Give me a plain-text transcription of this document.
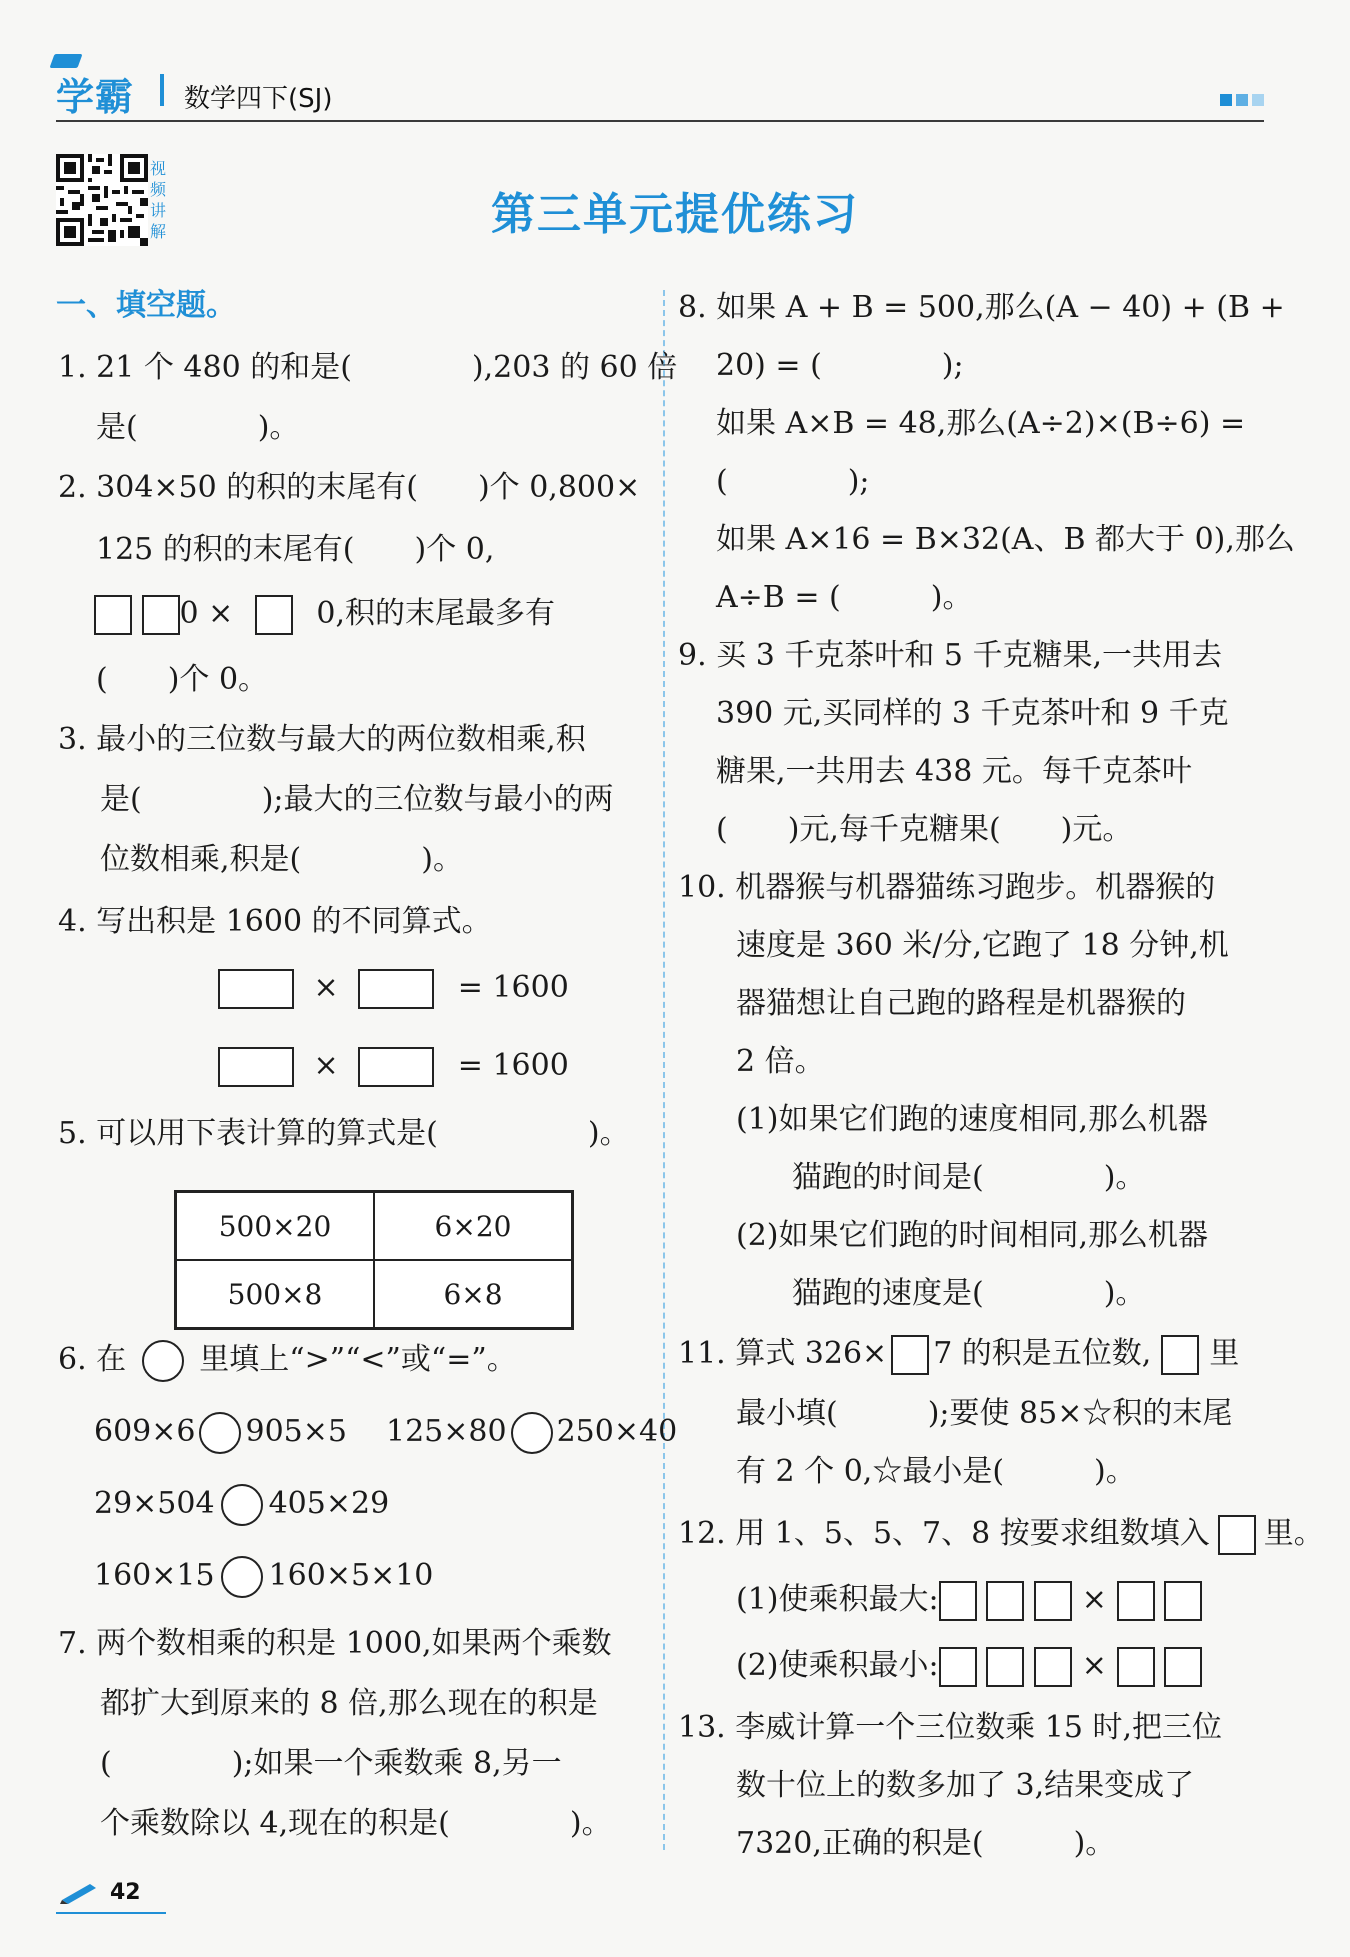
学霸 数学四下(SJ)
视频讲解	第三单元提优练习
一、填空题。
1. 21 个 480 的和是(　　　　),203 的 60 倍
是(　　　　)。
2. 304×50 的积的末尾有(　　)个 0,800×
125 的积的末尾有(　　)个 0,
0 ×	0,积的末尾最多有
(　　)个 0。
3. 最小的三位数与最大的两位数相乘,积
是(　　　　);最大的三位数与最小的两
位数相乘,积是(　　　　)。
4. 写出积是 1600 的不同算式。
×	= 1600
×	= 1600
5. 可以用下表计算的算式是(　　　　　)。
500×20	6×20
500×8	6×8
6. 在 里填上“>”“<”或“=”。
609×6 905×5 125×80 250×40
29×504 405×29
160×15 160×5×10
7. 两个数相乘的积是 1000,如果两个乘数
都扩大到原来的 8 倍,那么现在的积是
(　　　　);如果一个乘数乘 8,另一
个乘数除以 4,现在的积是(　　　　)。
8. 如果 A + B = 500,那么(A − 40) + (B +
20) = (　　　　);
如果 A×B = 48,那么(A÷2)×(B÷6) =
(　　　　);
如果 A×16 = B×32(A、B 都大于 0),那么
A÷B = (　　　)。
9. 买 3 千克茶叶和 5 千克糖果,一共用去
390 元,买同样的 3 千克茶叶和 9 千克
糖果,一共用去 438 元。每千克茶叶
(　　)元,每千克糖果(　　)元。
10. 机器猴与机器猫练习跑步。机器猴的
速度是 360 米/分,它跑了 18 分钟,机
器猫想让自己跑的路程是机器猴的
2 倍。
(1)如果它们跑的速度相同,那么机器
猫跑的时间是(　　　　)。
(2)如果它们跑的时间相同,那么机器
猫跑的速度是(　　　　)。
11. 算式 326× 7 的积是五位数, 里
最小填(　　　);要使 85×☆积的末尾
有 2 个 0,☆最小是(　　　)。
12. 用 1、5、5、7、8 按要求组数填入 里。
(1)使乘积最大:	×
(2)使乘积最小:	×
13. 李威计算一个三位数乘 15 时,把三位
数十位上的数多加了 3,结果变成了
7320,正确的积是(　　　)。
42
